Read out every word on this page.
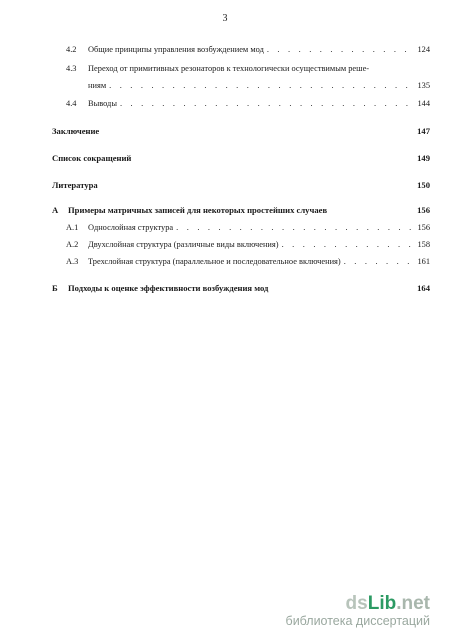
3
4.2	Общие принципы управления возбуждением мод . . .	124
4.3	Переход от примитивных резонаторов к технологически осуществимым реше-
ниям . . .	135
4.4	Выводы . . .	144
Заключение	147
Список сокращений	149
Литература	150
А	Примеры матричных записей для некоторых простейших случаев	156
А.1	Однослойная структура . . .	156
А.2	Двухслойная структура (различные виды включения) . . .	158
А.3	Трехслойная структура (параллельное и последовательное включения) . . .	161
Б	Подходы к оценке эффективности возбуждения мод	164
dsLib.net
библиотека диссертаций
